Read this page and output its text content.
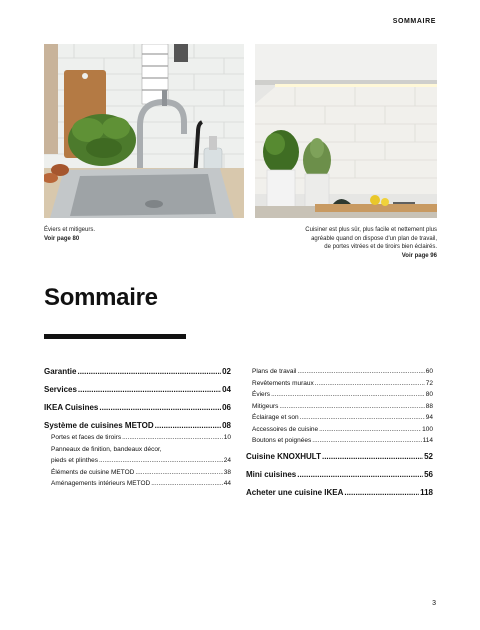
SOMMAIRE
Éviers et mitigeurs.
Voir page 80
Cuisiner est plus sûr, plus facile et nettement plus
agréable quand on dispose d'un plan de travail,
de portes vitrées et de tiroirs bien éclairés.
Voir page 96
Sommaire
Garantie .....	02
Services .....	04
IKEA Cuisines .....	06
Système de cuisines METOD .....	08
Portes et faces de tiroirs .....	10
Panneaux de finition, bandeaux décor,
pieds et plinthes .....	24
Éléments de cuisine METOD .....	38
Aménagements intérieurs METOD .....	44
Plans de travail .....	60
Revêtements muraux .....	72
Éviers .....	80
Mitigeurs .....	88
Éclairage et son .....	94
Accessoires de cuisine .....	100
Boutons et poignées .....	114
Cuisine KNOXHULT .....	52
Mini cuisines .....	56
Acheter une cuisine IKEA .....	118
3
